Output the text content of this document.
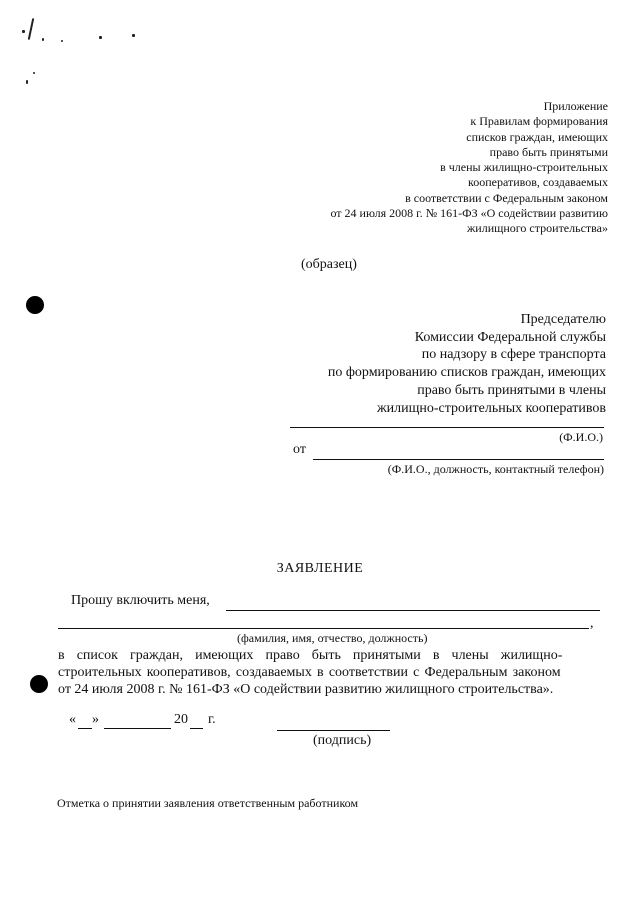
Приложение
к Правилам формирования
списков граждан, имеющих
право быть принятыми
в члены жилищно-строительных
кооперативов, создаваемых
в соответствии с Федеральным законом
от 24 июля 2008 г. № 161-ФЗ «О содействии развитию
жилищного строительства»
(образец)
Председателю
Комиссии Федеральной службы
по надзору в сфере транспорта
по формированию списков граждан, имеющих
право быть принятыми в члены
жилищно-строительных кооперативов
(Ф.И.О.)
от
(Ф.И.О., должность, контактный телефон)
ЗАЯВЛЕНИЕ
Прошу включить меня,
,
(фамилия, имя, отчество, должность)
в список граждан, имеющих право быть принятыми в члены жилищно-
строительных кооперативов, создаваемых в соответствии с Федеральным законом
от 24 июля 2008 г. № 161-ФЗ «О содействии развитию жилищного строительства».
« »	20 г.
(подпись)
Отметка о принятии заявления ответственным работником
